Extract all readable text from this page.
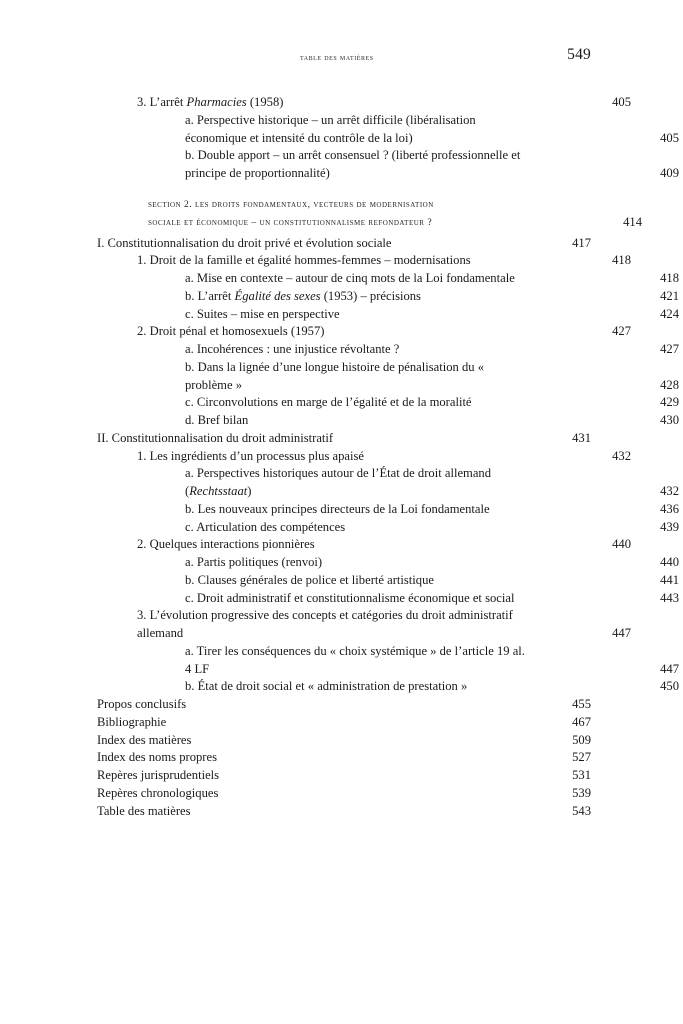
table des matières	549
3. L’arrêt Pharmacies (1958)	405
a. Perspective historique – un arrêt difficile (libéralisation économique et intensité du contrôle de la loi)	405
b. Double apport – un arrêt consensuel ? (liberté professionnelle et principe de proportionnalité)	409
section 2. les droits fondamentaux, vecteurs de modernisation
sociale et économique – un constitutionnalisme refondateur ?	414
I. Constitutionnalisation du droit privé et évolution sociale	417
1. Droit de la famille et égalité hommes-femmes – modernisations	418
a. Mise en contexte – autour de cinq mots de la Loi fondamentale	418
b. L’arrêt Égalité des sexes (1953) – précisions	421
c. Suites – mise en perspective	424
2. Droit pénal et homosexuels (1957)	427
a. Incohérences : une injustice révoltante ?	427
b. Dans la lignée d’une longue histoire de pénalisation du « problème »	428
c. Circonvolutions en marge de l’égalité et de la moralité	429
d. Bref bilan	430
II. Constitutionnalisation du droit administratif	431
1. Les ingrédients d’un processus plus apaisé	432
a. Perspectives historiques autour de l’État de droit allemand (Rechtsstaat)	432
b. Les nouveaux principes directeurs de la Loi fondamentale	436
c. Articulation des compétences	439
2. Quelques interactions pionnières	440
a. Partis politiques (renvoi)	440
b. Clauses générales de police et liberté artistique	441
c. Droit administratif et constitutionnalisme économique et social	443
3. L’évolution progressive des concepts et catégories du droit administratif allemand	447
a. Tirer les conséquences du « choix systémique » de l’article 19 al. 4 LF	447
b. État de droit social et « administration de prestation »	450
Propos conclusifs	455
Bibliographie	467
Index des matières	509
Index des noms propres	527
Repères jurisprudentiels	531
Repères chronologiques	539
Table des matières	543
